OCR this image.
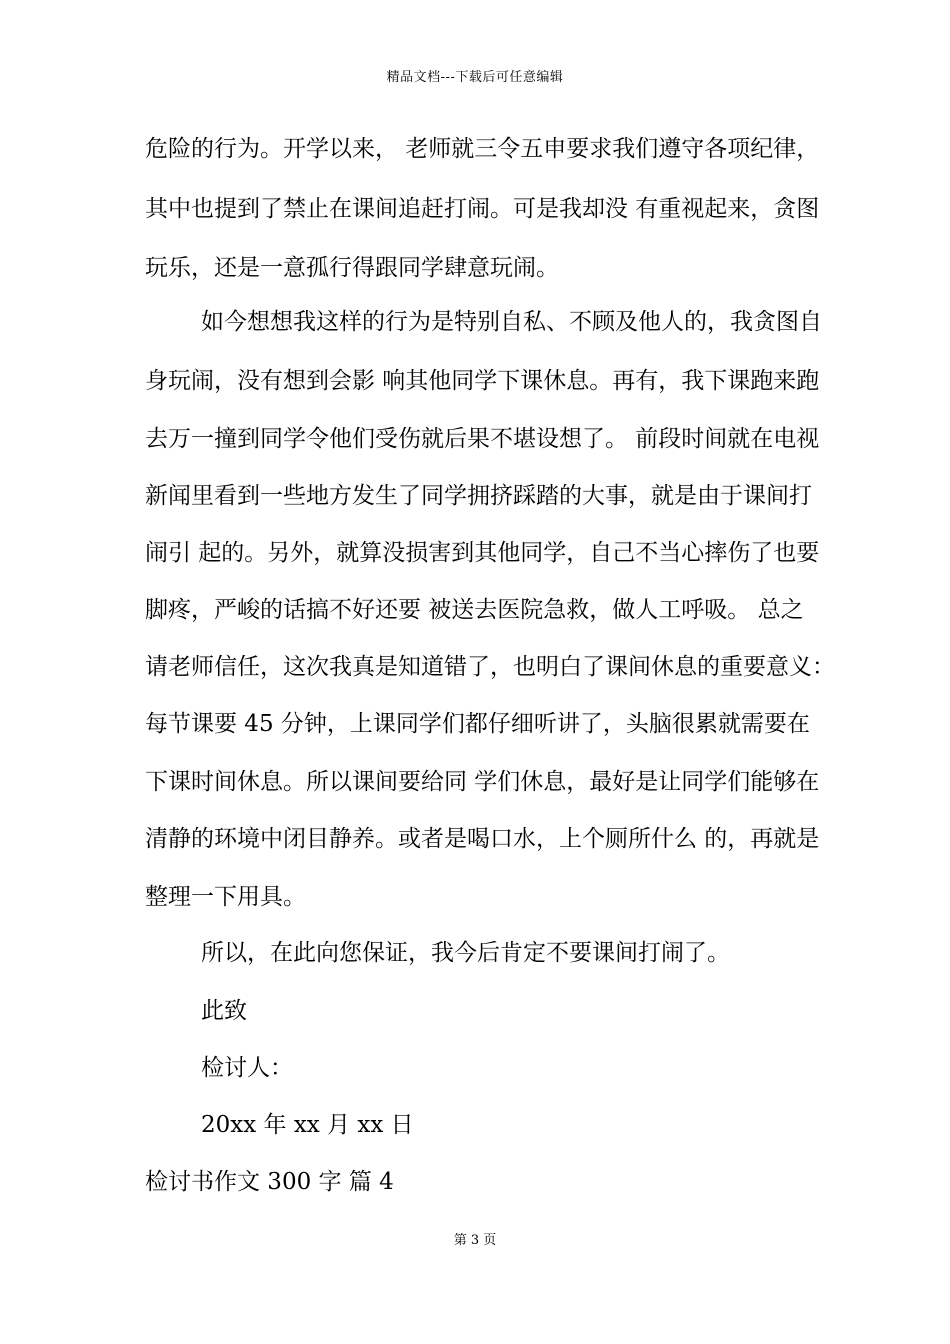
精品文档---下载后可任意编辑
危险的行为。开学以来， 老师就三令五申要求我们遵守各项纪律，
其中也提到了禁止在课间追赶打闹。可是我却没 有重视起来，贪图
玩乐，还是一意孤行得跟同学肆意玩闹。
如今想想我这样的行为是特别自私、不顾及他人的，我贪图自
身玩闹，没有想到会影 响其他同学下课休息。再有，我下课跑来跑
去万一撞到同学令他们受伤就后果不堪设想了。 前段时间就在电视
新闻里看到一些地方发生了同学拥挤踩踏的大事，就是由于课间打
闹引 起的。另外，就算没损害到其他同学，自己不当心摔伤了也要
脚疼，严峻的话搞不好还要 被送去医院急救，做人工呼吸。 总之
请老师信任，这次我真是知道错了，也明白了课间休息的重要意义：
每节课要 45 分钟，上课同学们都仔细听讲了，头脑很累就需要在
下课时间休息。所以课间要给同 学们休息，最好是让同学们能够在
清静的环境中闭目静养。或者是喝口水，上个厕所什么 的，再就是
整理一下用具。
所以，在此向您保证，我今后肯定不要课间打闹了。
此致
检讨人：
20xx 年 xx 月 xx 日
检讨书作文 300 字 篇 4
第 3 页
